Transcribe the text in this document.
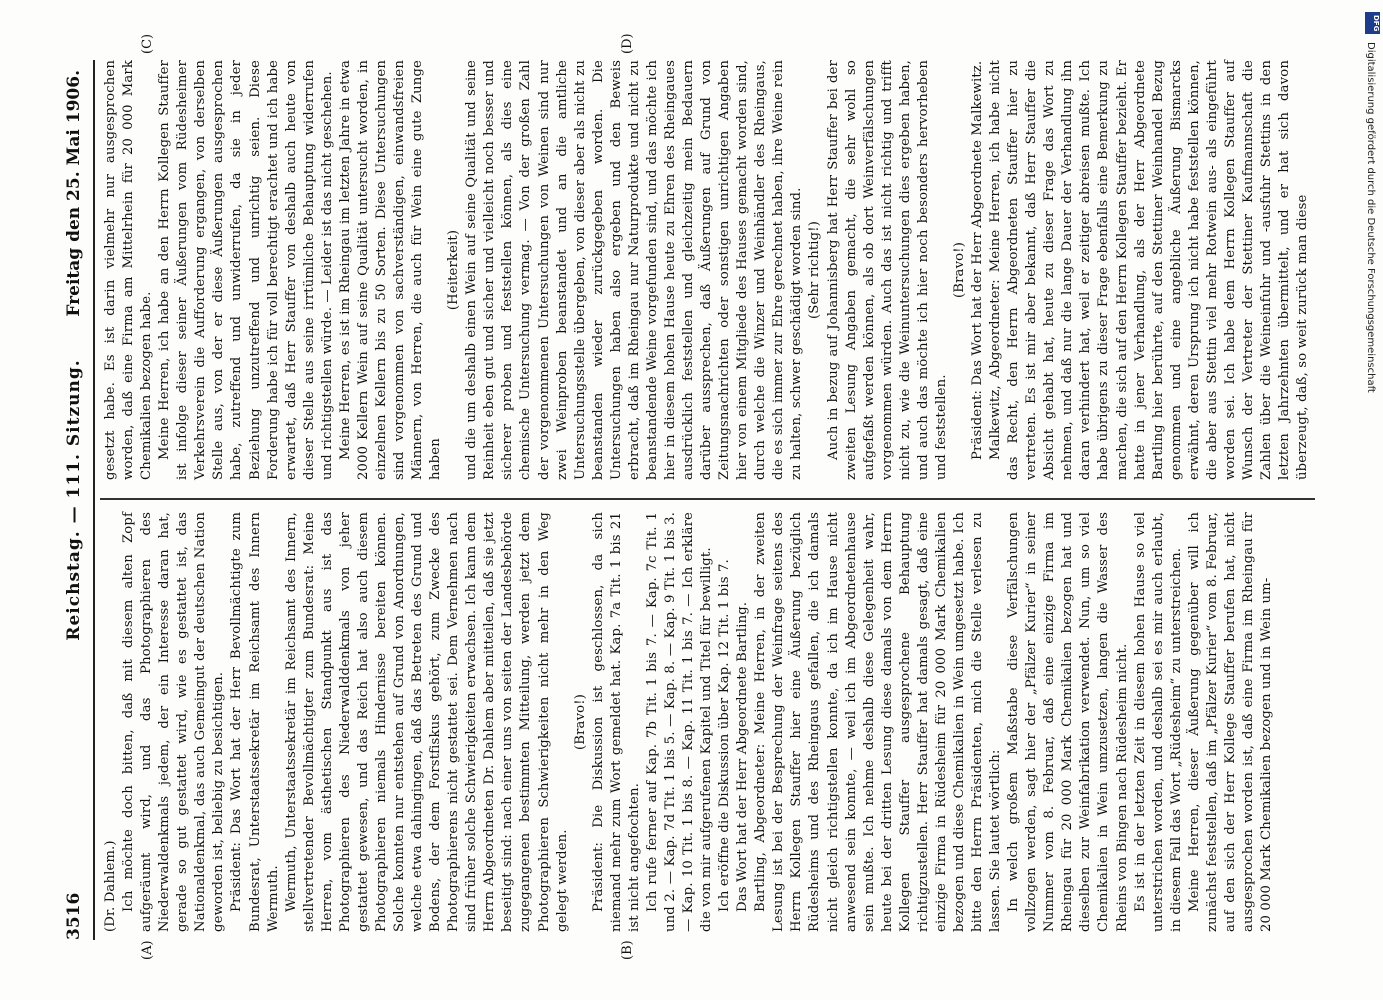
3516
Reichstag. — 111. Sitzung.
Freitag den 25. Mai 1906.
(A)	(B)
(C)	(D)

(Dr. Dahlem.) Ich möchte doch bitten, daß mit diesem alten Zopf aufgeräumt wird, und das Photographieren des Niederwaldenkmals jedem, der ein Interesse daran hat, gerade so gut gestattet wird, wie es gestattet ist, das Nationaldenkmal, das auch Gemeingut der deutschen Nation geworden ist, beliebig zu besichtigen. Präsident: Das Wort hat der Herr Bevollmächtigte zum Bundesrat, Unterstaatssekretär im Reichsamt des Innern Wermuth. Wermuth, Unterstaatssekretär im Reichsamt des Innern, stellvertretender Bevollmächtigter zum Bundesrat: Meine Herren, vom ästhetischen Standpunkt aus ist das Photographieren des Niederwalddenkmals von jeher gestattet gewesen, und das Reich hat also auch diesem Photographieren niemals Hindernisse bereiten können. Solche konnten nur entstehen auf Grund von Anordnungen, welche etwa dahingingen, daß das Betreten des Grund und Bodens, der dem Forstfiskus gehört, zum Zwecke des Photographierens nicht gestattet sei. Dem Vernehmen nach sind früher solche Schwierigkeiten erwachsen. Ich kann dem Herrn Abgeordneten Dr. Dahlem aber mitteilen, daß sie jetzt beseitigt sind: nach einer uns von seiten der Landesbehörde zugegangenen bestimmten Mitteilung, werden jetzt dem Photographieren Schwierigkeiten nicht mehr in den Weg gelegt werden.

(Bravo!) Präsident: Die Diskussion ist geschlossen, da sich niemand mehr zum Wort gemeldet hat. Kap. 7a Tit. 1 bis 21 ist nicht angefochten. Ich rufe ferner auf Kap. 7b Tit. 1 bis 7. — Kap. 7c Tit. 1 und 2. — Kap. 7d Tit. 1 bis 5. — Kap. 8. — Kap. 9 Tit. 1 bis 3. — Kap. 10 Tit. 1 bis 8. — Kap. 11 Tit. 1 bis 7. — Ich erkläre die von mir aufgerufenen Kapitel und Titel für bewilligt. Ich eröffne die Diskussion über Kap. 12 Tit. 1 bis 7. Das Wort hat der Herr Abgeordnete Bartling. Bartling, Abgeordneter: Meine Herren, in der zweiten Lesung ist bei der Besprechung der Weinfrage seitens des Herrn Kollegen Stauffer hier eine Äußerung bezüglich Rüdesheims und des Rheingaus gefallen, die ich damals nicht gleich richtigstellen konnte, da ich im Hause nicht anwesend sein konnte, — weil ich im Abgeordnetenhause sein mußte. Ich nehme deshalb diese Gelegenheit wahr, heute bei der dritten Lesung diese damals von dem Herrn Kollegen Stauffer ausgesprochene Behauptung richtigzustellen. Herr Stauffer hat damals gesagt, daß eine einzige Firma in Rüdesheim für 20 000 Mark Chemikalien bezogen und diese Chemikalien in Wein umgesetzt habe. Ich bitte den Herrn Präsidenten, mich die Stelle verlesen zu lassen. Sie lautet wörtlich: In welch großem Maßstabe diese Verfälschungen vollzogen werden, sagt hier der „Pfälzer Kurier“ in seiner Nummer vom 8. Februar, daß eine einzige Firma im Rheingau für 20 000 Mark Chemikalien bezogen hat und dieselben zur Weinfabrikation verwendet. Nun, um so viel Chemikalien in Wein umzusetzen, langen die Wasser des Rheins von Bingen nach Rüdesheim nicht. Es ist in der letzten Zeit in diesem hohen Hause so viel unterstrichen worden, und deshalb sei es mir auch erlaubt, in diesem Fall das Wort „Rüdesheim“ zu unterstreichen. Meine Herren, dieser Äußerung gegenüber will ich zunächst feststellen, daß im „Pfälzer Kurier“ vom 8. Februar, auf den sich der Herr Kollege Stauffer berufen hat, nicht ausgesprochen worden ist, daß eine Firma im Rheingau für 20 000 Mark Chemikalien bezogen und in Wein um-

gesetzt habe. Es ist darin vielmehr nur ausgesprochen worden, daß eine Firma am Mittelrhein für 20 000 Mark Chemikalien bezogen habe. Meine Herren, ich habe an den Herrn Kollegen Stauffer ist infolge dieser seiner Äußerungen vom Rüdesheimer Verkehrsverein die Aufforderung ergangen, von derselben Stelle aus, von der er diese Äußerungen ausgesprochen habe, zutreffend und unwiderrufen, da sie in jeder Beziehung unzutreffend und unrichtig seien. Diese Forderung habe ich für voll berechtigt erachtet und ich habe erwartet, daß Herr Stauffer von deshalb auch heute von dieser Stelle aus seine irrtümliche Behauptung widerrufen und richtigstellen würde. — Leider ist das nicht geschehen. Meine Herren, es ist im Rheingau im letzten Jahre in etwa 2000 Kellern Wein auf seine Qualität untersucht worden, in einzelnen Kellern bis zu 50 Sorten. Diese Untersuchungen sind vorgenommen von sachverständigen, einwandsfreien Männern, von Herren, die auch für Wein eine gute Zunge haben

(Heiterkeit) und die um deshalb einen Wein auf seine Qualität und seine Reinheit eben gut und sicher und vielleicht noch besser und sicherer proben und feststellen können, als dies eine chemische Untersuchung vermag. — Von der großen Zahl der vorgenommenen Untersuchungen von Weinen sind nur zwei Weinproben beanstandet und an die amtliche Untersuchungsstelle übergeben, von dieser aber als nicht zu beanstanden wieder zurückgegeben worden. Die Untersuchungen haben also ergeben und den Beweis erbracht, daß im Rheingau nur Naturprodukte und nicht zu beanstandende Weine vorgefunden sind, und das möchte ich hier in diesem hohen Hause heute zu Ehren des Rheingaues ausdrücklich feststellen und gleichzeitig mein Bedauern darüber aussprechen, daß Äußerungen auf Grund von Zeitungsnachrichten oder sonstigen unrichtigen Angaben hier von einem Mitgliede des Hauses gemacht worden sind, durch welche die Winzer und Weinhändler des Rheingaus, die es sich immer zur Ehre gerechnet haben, ihre Weine rein zu halten, schwer geschädigt worden sind. (Sehr richtig!) Auch in bezug auf Johannisberg hat Herr Stauffer bei der zweiten Lesung Angaben gemacht, die sehr wohl so aufgefaßt werden können, als ob dort Weinverfälschungen vorgenommen würden. Auch das ist nicht richtig und trifft nicht zu, wie die Weinuntersuchungen dies ergeben haben, und auch das möchte ich hier noch besonders hervorheben und feststellen.

(Bravo!) Präsident: Das Wort hat der Herr Abgeordnete Malkewitz. Malkewitz, Abgeordneter: Meine Herren, ich habe nicht das Recht, den Herrn Abgeordneten Stauffer hier zu vertreten. Es ist mir aber bekannt, daß Herr Stauffer die Absicht gehabt hat, heute zu dieser Frage das Wort zu nehmen, und daß nur die lange Dauer der Verhandlung ihn daran verhindert hat, weil er zeitiger abreisen mußte. Ich habe übrigens zu dieser Frage ebenfalls eine Bemerkung zu machen, die sich auf den Herrn Kollegen Stauffer bezieht. Er hatte in jener Verhandlung, als der Herr Abgeordnete Bartling hier berührte, auf den Stettiner Weinhandel Bezug genommen und eine angebliche Äußerung Bismarcks erwähnt, deren Ursprung ich nicht habe feststellen können, die aber aus Stettin viel mehr Rotwein aus- als eingeführt worden sei. Ich habe dem Herrn Kollegen Stauffer auf Wunsch der Vertreter der Stettiner Kaufmannschaft die Zahlen über die Weineinfuhr und -ausfuhr Stettins in den letzten Jahrzehnten übermittelt, und er hat sich davon überzeugt, daß, so weit zurück man diese

DFG
Digitalisierung gefördert durch die Deutsche Forschungsgemeinschaft
